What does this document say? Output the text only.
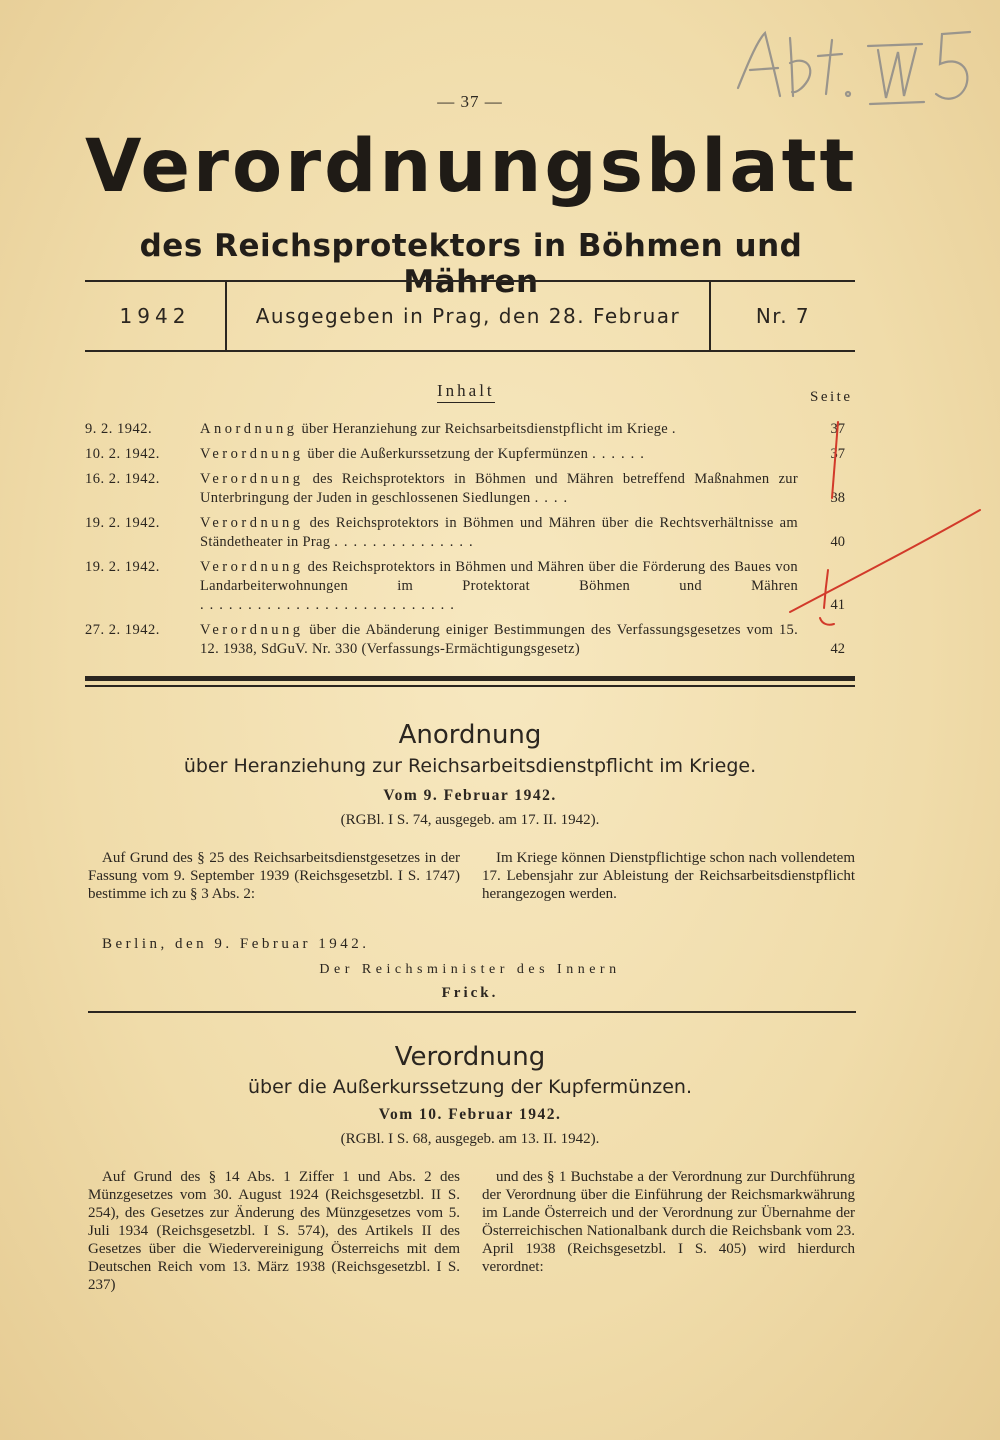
— 37 —
Verordnungsblatt
des Reichsprotektors in Böhmen und Mähren
1942	Ausgegeben in Prag, den 28. Februar	Nr. 7
Inhalt	Seite
9. 2. 1942.	Anordnung über Heranziehung zur Reichsarbeitsdienstpflicht im Kriege .	37
10. 2. 1942.	Verordnung über die Außerkurssetzung der Kupfermünzen ......	37
16. 2. 1942.	Verordnung des Reichsprotektors in Böhmen und Mähren betreffend Maßnahmen zur Unterbringung der Juden in geschlossenen Siedlungen ....	38
19. 2. 1942.	Verordnung des Reichsprotektors in Böhmen und Mähren über die Rechtsverhältnisse am Ständetheater in Prag ...............	40
19. 2. 1942.	Verordnung des Reichsprotektors in Böhmen und Mähren über die Förderung des Baues von Landarbeiterwohnungen im Protektorat Böhmen und Mähren ...........................	41
27. 2. 1942.	Verordnung über die Abänderung einiger Bestimmungen des Verfassungsgesetzes vom 15. 12. 1938, SdGuV. Nr. 330 (Verfassungs-Ermächtigungsgesetz)	42
Anordnung
über Heranziehung zur Reichsarbeitsdienstpflicht im Kriege.
Vom 9. Februar 1942.
(RGBl. I S. 74, ausgegeb. am 17. II. 1942).
Auf Grund des § 25 des Reichsarbeitsdienstgesetzes in der Fassung vom 9. September 1939 (Reichsgesetzbl. I S. 1747) bestimme ich zu § 3 Abs. 2:
Im Kriege können Dienstpflichtige schon nach vollendetem 17. Lebensjahr zur Ableistung der Reichsarbeitsdienstpflicht herangezogen werden.
Berlin, den 9. Februar 1942.
Der Reichsminister des Innern
Frick.
Verordnung
über die Außerkurssetzung der Kupfermünzen.
Vom 10. Februar 1942.
(RGBl. I S. 68, ausgegeb. am 13. II. 1942).
Auf Grund des § 14 Abs. 1 Ziffer 1 und Abs. 2 des Münzgesetzes vom 30. August 1924 (Reichsgesetzbl. II S. 254), des Gesetzes zur Änderung des Münzgesetzes vom 5. Juli 1934 (Reichsgesetzbl. I S. 574), des Artikels II des Gesetzes über die Wiedervereinigung Österreichs mit dem Deutschen Reich vom 13. März 1938 (Reichsgesetzbl. I S. 237)
und des § 1 Buchstabe a der Verordnung zur Durchführung der Verordnung über die Einführung der Reichsmarkwährung im Lande Österreich und der Verordnung zur Übernahme der Österreichischen Nationalbank durch die Reichsbank vom 23. April 1938 (Reichsgesetzbl. I S. 405) wird hierdurch verordnet:
